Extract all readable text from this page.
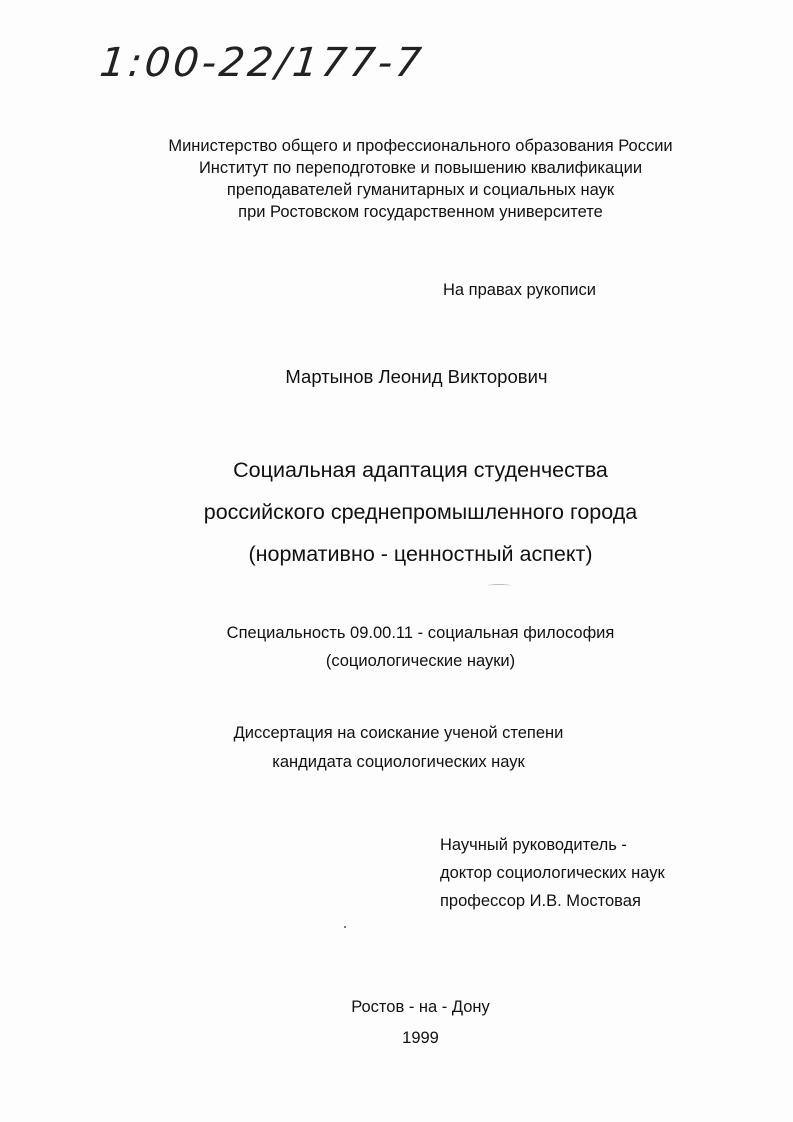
1:00-22/177-7
Министерство общего и профессионального образования России
Институт по переподготовке и повышению квалификации
преподавателей гуманитарных и социальных наук
при Ростовском государственном университете
На правах рукописи
Мартынов Леонид Викторович
Социальная адаптация студенчества
российского среднепромышленного города
(нормативно - ценностный аспект)
Специальность 09.00.11 - социальная философия
(социологические науки)
Диссертация на соискание ученой степени
кандидата социологических наук
Научный руководитель -
доктор социологических наук
профессор И.В. Мостовая
Ростов - на - Дону
1999
